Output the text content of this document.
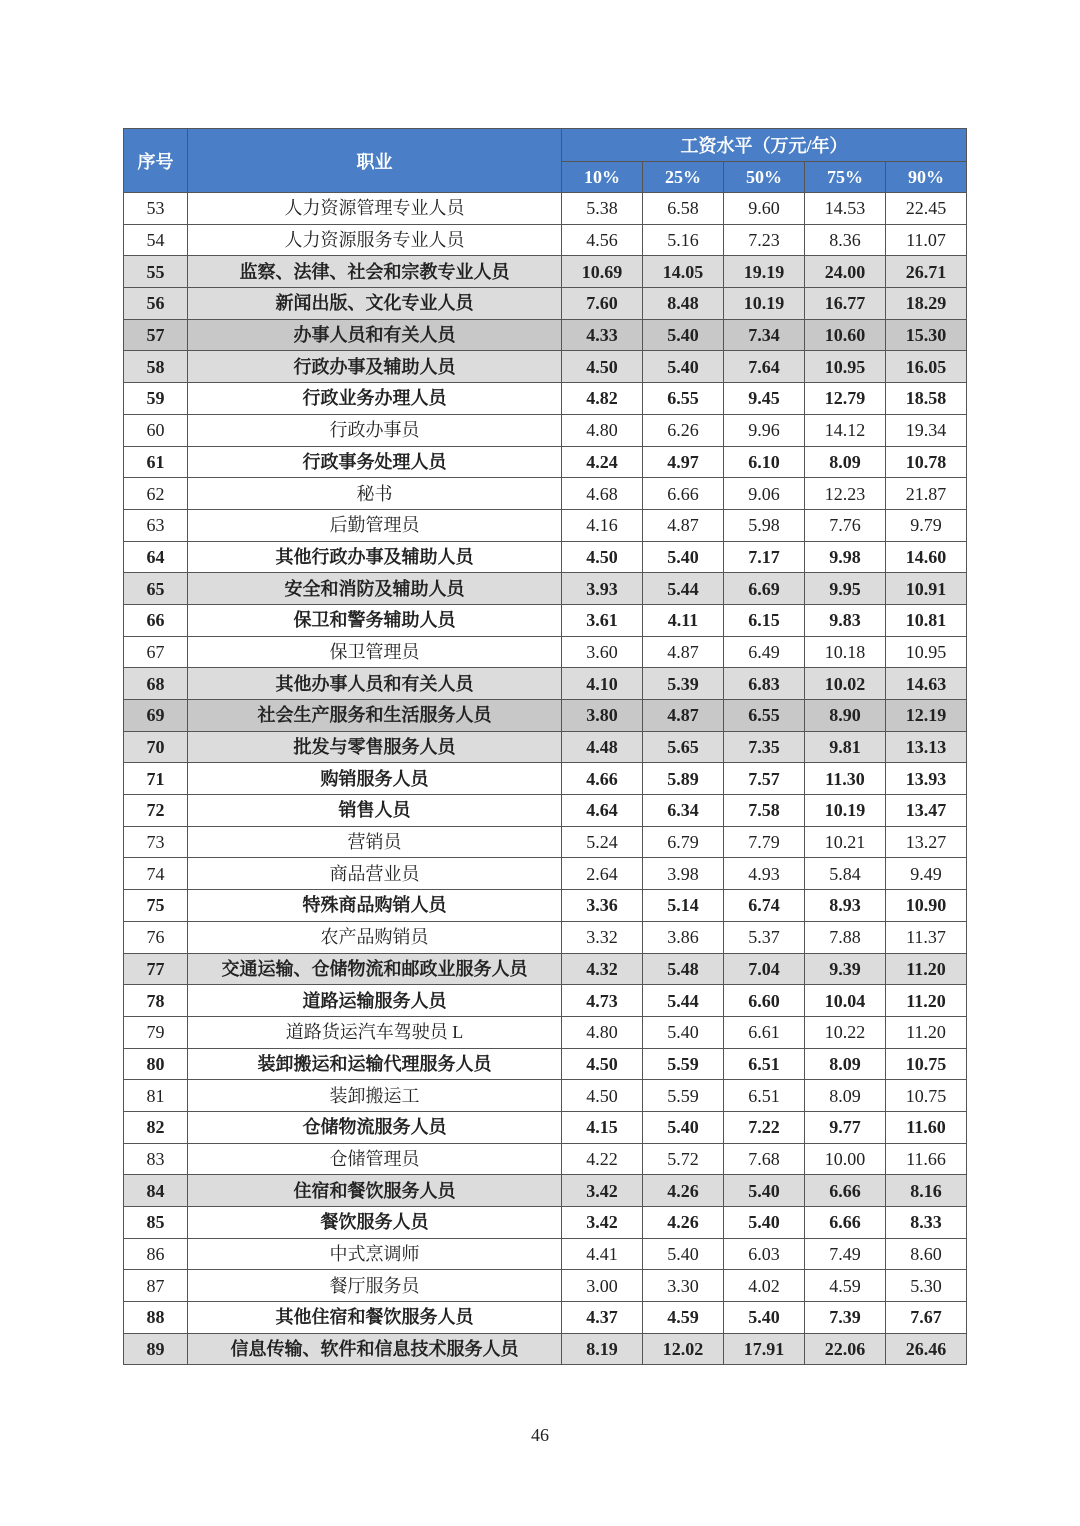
序号	职业	工资水平（万元/年）				
		10%	25%	50%	75%	90%
53	人力资源管理专业人员	5.38	6.58	9.60	14.53	22.45
54	人力资源服务专业人员	4.56	5.16	7.23	8.36	11.07
55	监察、法律、社会和宗教专业人员	10.69	14.05	19.19	24.00	26.71
56	新闻出版、文化专业人员	7.60	8.48	10.19	16.77	18.29
57	办事人员和有关人员	4.33	5.40	7.34	10.60	15.30
58	行政办事及辅助人员	4.50	5.40	7.64	10.95	16.05
59	行政业务办理人员	4.82	6.55	9.45	12.79	18.58
60	行政办事员	4.80	6.26	9.96	14.12	19.34
61	行政事务处理人员	4.24	4.97	6.10	8.09	10.78
62	秘书	4.68	6.66	9.06	12.23	21.87
63	后勤管理员	4.16	4.87	5.98	7.76	9.79
64	其他行政办事及辅助人员	4.50	5.40	7.17	9.98	14.60
65	安全和消防及辅助人员	3.93	5.44	6.69	9.95	10.91
66	保卫和警务辅助人员	3.61	4.11	6.15	9.83	10.81
67	保卫管理员	3.60	4.87	6.49	10.18	10.95
68	其他办事人员和有关人员	4.10	5.39	6.83	10.02	14.63
69	社会生产服务和生活服务人员	3.80	4.87	6.55	8.90	12.19
70	批发与零售服务人员	4.48	5.65	7.35	9.81	13.13
71	购销服务人员	4.66	5.89	7.57	11.30	13.93
72	销售人员	4.64	6.34	7.58	10.19	13.47
73	营销员	5.24	6.79	7.79	10.21	13.27
74	商品营业员	2.64	3.98	4.93	5.84	9.49
75	特殊商品购销人员	3.36	5.14	6.74	8.93	10.90
76	农产品购销员	3.32	3.86	5.37	7.88	11.37
77	交通运输、仓储物流和邮政业服务人员	4.32	5.48	7.04	9.39	11.20
78	道路运输服务人员	4.73	5.44	6.60	10.04	11.20
79	道路货运汽车驾驶员 L	4.80	5.40	6.61	10.22	11.20
80	装卸搬运和运输代理服务人员	4.50	5.59	6.51	8.09	10.75
81	装卸搬运工	4.50	5.59	6.51	8.09	10.75
82	仓储物流服务人员	4.15	5.40	7.22	9.77	11.60
83	仓储管理员	4.22	5.72	7.68	10.00	11.66
84	住宿和餐饮服务人员	3.42	4.26	5.40	6.66	8.16
85	餐饮服务人员	3.42	4.26	5.40	6.66	8.33
86	中式烹调师	4.41	5.40	6.03	7.49	8.60
87	餐厅服务员	3.00	3.30	4.02	4.59	5.30
88	其他住宿和餐饮服务人员	4.37	4.59	5.40	7.39	7.67
89	信息传输、软件和信息技术服务人员	8.19	12.02	17.91	22.06	26.46
46
